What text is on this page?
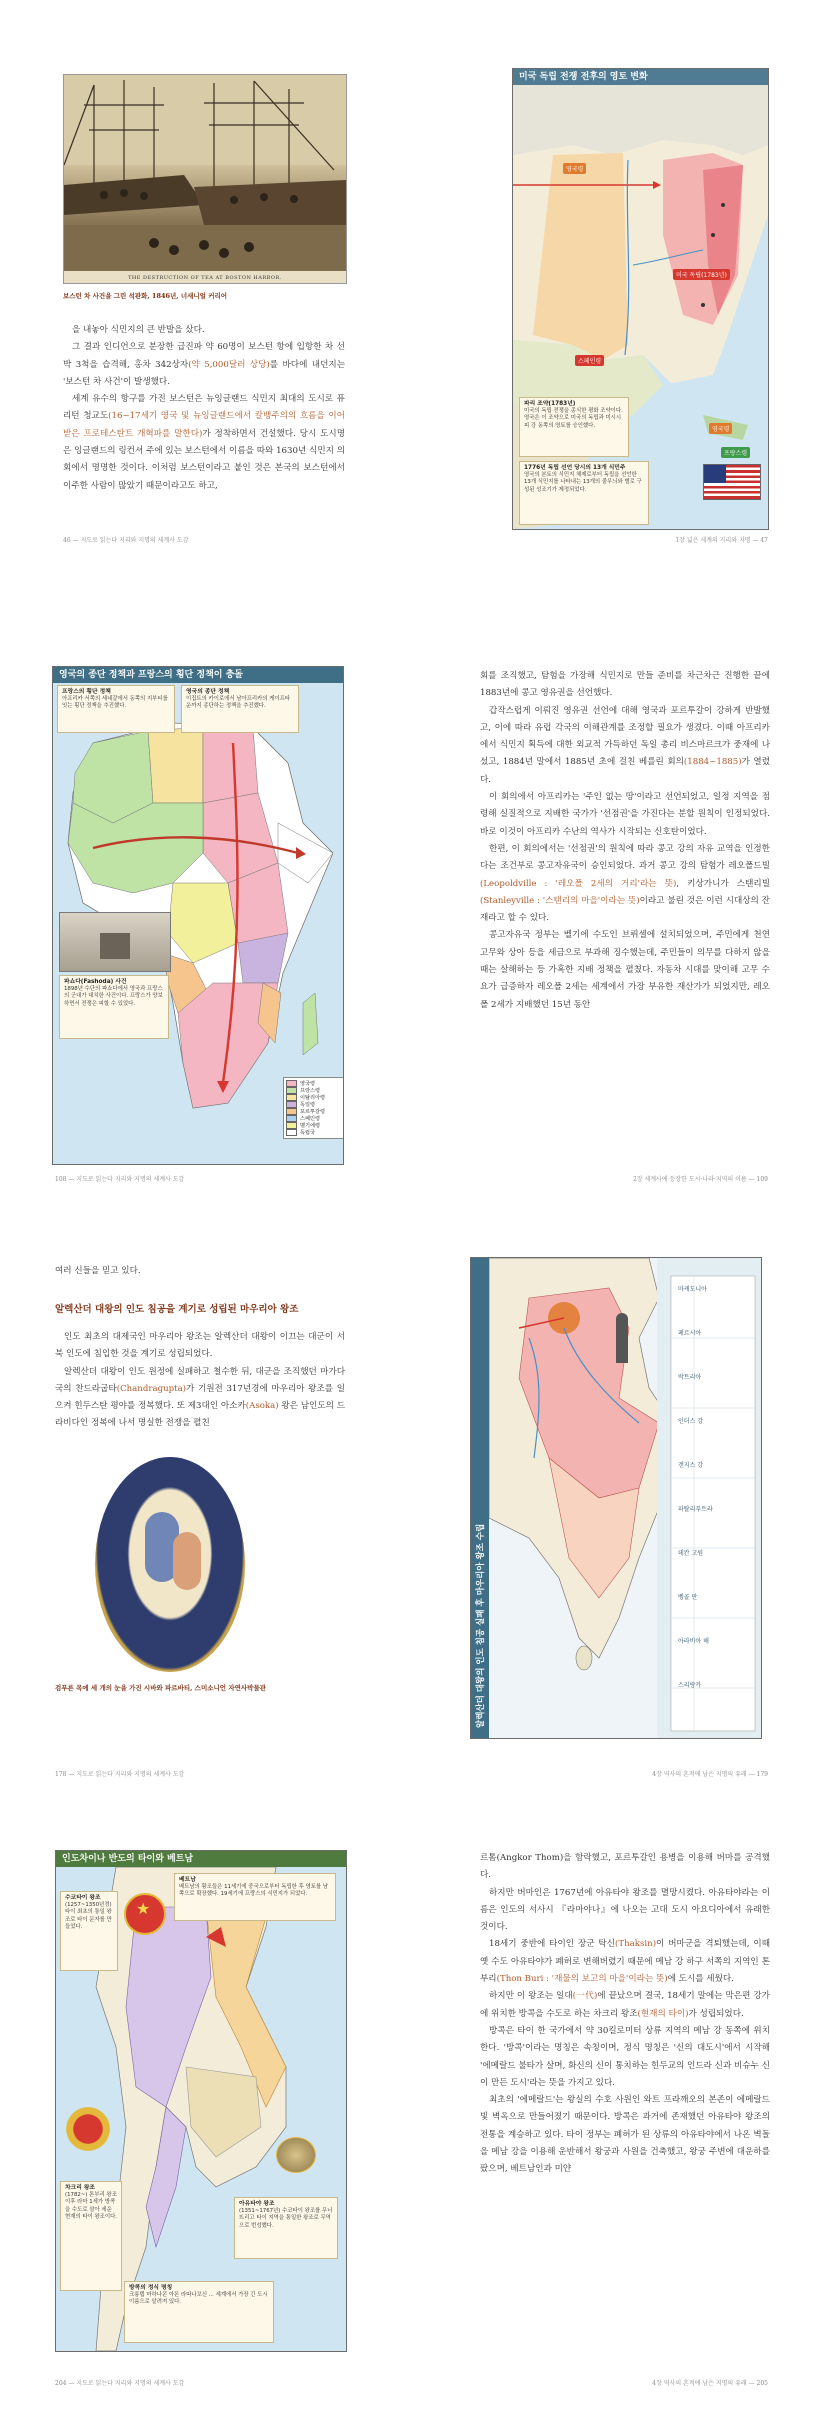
THE DESTRUCTION OF TEA AT BOSTON HARBOR.
보스턴 차 사건을 그린 석판화, 1846년, 너새니얼 커리어

을 내놓아 식민지의 큰 반발을 샀다.

그 결과 인디언으로 분장한 급진파 약 60명이 보스턴 항에 입항한 차 선박 3척을 습격해, 홍차 342상자(약 5,000달러 상당)를 바다에 내던지는 '보스턴 차 사건'이 발생했다.

세계 유수의 항구를 가진 보스턴은 뉴잉글랜드 식민지 최대의 도시로 퓨리턴 청교도(16~17세기 영국 및 뉴잉글랜드에서 칼뱅주의의 흐름을 이어받은 프로테스탄트 개혁파를 말한다)가 정착하면서 건설했다. 당시 도시명은 잉글랜드의 링컨셔 주에 있는 보스턴에서 이름을 따와 1630년 식민지 의회에서 명명한 것이다. 이처럼 보스턴이라고 붙인 것은 본국의 보스턴에서 이주한 사람이 많았기 때문이라고도 하고,

46 — 지도로 읽는다 지리와 지명의 세계사 도감
미국 독립 전쟁 전후의 영토 변화
영국령
미국 독립(1783년)
스페인령
영국령
프랑스령
파리 조약(1783년)
미국의 독립 전쟁을 종식한 평화 조약이다. 영국은 이 조약으로 미국의 독립과 미시시피 강 동쪽의 영토를 승인했다.
1776년 독립 선언 당시의 13개 식민주
영국의 본토의 식민지 체제로부터 독립을 선언한 13개 식민지를 나타내는 13개의 줄무늬와 별로 구성된 성조기가 제정되었다.
1장 넓은 세계의 지리와 지명 — 47
영국의 종단 정책과 프랑스의 횡단 정책이 충돌
프랑스의 횡단 정책
아프리카 서쪽의 세네갈에서 동쪽의 지부티를 잇는 횡단 정책을 추진했다.
영국의 종단 정책
이집트의 카이로에서 남아프리카의 케이프타운까지 종단하는 정책을 추진했다.
파쇼다(Fashoda) 사건
1898년 수단의 파쇼다에서 영국과 프랑스의 군대가 대치한 사건이다. 프랑스가 양보하면서 전쟁은 피할 수 있었다.
영국령
프랑스령
이탈리아령
독일령
포르투갈령
스페인령
벨기에령
독립국
108 — 지도로 읽는다 지리와 지명의 세계사 도감

회를 조직했고, 탐험을 가장해 식민지로 만들 준비를 차근차근 진행한 끝에 1883년에 콩고 영유권을 선언했다.

갑작스럽게 이뤄진 영유권 선언에 대해 영국과 포르투갈이 강하게 반발했고, 이에 따라 유럽 각국의 이해관계를 조정할 필요가 생겼다. 이때 아프리카에서 식민지 획득에 대한 외교적 가득하던 독일 총리 비스마르크가 중재에 나섰고, 1884년 말에서 1885년 초에 걸친 베를린 회의(1884~1885)가 열렸다.

이 회의에서 아프리카는 '주인 없는 땅'이라고 선언되었고, 일정 지역을 점령해 실질적으로 지배한 국가가 '선점권'을 가진다는 분할 원칙이 인정되었다. 바로 이것이 아프리카 수난의 역사가 시작되는 신호탄이었다.

한편, 이 회의에서는 '선점권'의 원칙에 따라 콩고 강의 자유 교역을 인정한다는 조건부로 콩고자유국이 승인되었다. 과거 콩고 강의 탐험가 레오폴드빌(Leopoldville : '레오폴 2세의 거리'라는 뜻), 키상가니가 스탠리빌(Stanleyville : '스탠리의 마을'이라는 뜻)이라고 불린 것은 이런 시대상의 잔재라고 할 수 있다.

콩고자유국 정부는 벨기에 수도인 브뤼셀에 설치되었으며, 주민에게 천연 고무와 상아 등을 세금으로 부과해 징수했는데, 주민들이 의무를 다하지 않을 때는 살해하는 등 가혹한 지배 정책을 펼쳤다. 자동차 시대를 맞이해 고무 수요가 급증하자 레오폴 2세는 세계에서 가장 부유한 재산가가 되었지만, 레오폴 2세가 지배했던 15년 동안

2장 세계사에 등장한 도시·나라·지역의 이름 — 109
여러 신들을 믿고 있다.
알렉산더 대왕의 인도 침공을 계기로 성립된 마우리아 왕조

인도 최초의 대제국인 마우리아 왕조는 알렉산더 대왕이 이끄는 대군이 서북 인도에 침입한 것을 계기로 성립되었다.

알렉산더 대왕이 인도 원정에 실패하고 철수한 뒤, 대군을 조직했던 마가다국의 찬드라굽타(Chandragupta)가 기원전 317년경에 마우리아 왕조를 일으켜 힌두스탄 평야를 정복했다. 또 제3대인 아소카(Asoka) 왕은 남인도의 드라비다인 정복에 나서 명실한 전쟁을 펼친

검푸른 목에 세 개의 눈을 가진 시바와 파르바티, 스미소니언 자연사박물관
178 — 지도로 읽는다 지리와 지명의 세계사 도감
알렉산더 대왕의 인도 침공 실패 후 마우리아 왕조 수립
마케도니아
페르시아
박트리아
인더스 강
갠지스 강
파탈리푸트라
데칸 고원
벵골 만
아라비아 해
스리랑카
4장 역사의 흔적에 남은 지명의 유래 — 179
인도차이나 반도의 타이와 베트남
★
베트남
베트남의 황조들은 11세기에 중국으로부터 독립한 후 영토를 남쪽으로 확장했다. 19세기에 프랑스의 식민지가 되었다.
수코타이 왕조
(1257~1350년경) 타이 최초의 통일 왕조로 타이 문자를 만들었다.
차크리 왕조
(1782~) 톤부리 왕조 이후 라마 1세가 방콕을 수도로 삼아 세운 현재의 타이 왕조이다.
아유타야 왕조
(1351~1767년) 수코타이 왕조를 무너뜨리고 타이 지역을 통일한 왕조로 무역으로 번성했다.
방콕의 정식 명칭
크룽텝 마하나콘 아몬 라따나꼬신 ... 세계에서 가장 긴 도시 이름으로 알려져 있다.
204 — 지도로 읽는다 지리와 지명의 세계사 도감

르톰(Angkor Thom)을 함락했고, 포르투갈인 용병을 이용해 버마를 공격했다.

하지만 버마인은 1767년에 아유타야 왕조를 멸망시켰다. 아유타야라는 이름은 인도의 서사시 『라마야나』에 나오는 고대 도시 아요디아에서 유래한 것이다.

18세기 중반에 타이인 장군 탁신(Thaksin)이 버마군을 격퇴했는데, 이때 옛 수도 아유타야가 폐허로 변해버렸기 때문에 메남 강 하구 서쪽의 지역인 톤부리(Thon Buri : '재물의 보고의 마을'이라는 뜻)에 도시를 세웠다.

하지만 이 왕조는 일대(一代)에 끝났으며 결국, 18세기 말에는 막은편 강가에 위치한 방콕을 수도로 하는 차크리 왕조(현재의 타이)가 성립되었다.

방콕은 타이 한 국가에서 약 30킬로미터 상류 지역의 메남 강 동쪽에 위치한다. '방콕'이라는 명칭은 속칭이며, 정식 명칭은 '신의 대도시'에서 시작해 '에메랄드 불타가 살며, 화신의 신이 통치하는 힌두교의 인드라 신과 비슈누 신이 만든 도시'라는 뜻을 가지고 있다.

최초의 '에메랄드'는 왕실의 수호 사원인 와트 프라깨오의 본존이 에메랄드빛 벽옥으로 만들어졌기 때문이다. 방콕은 과거에 존재했던 아유타야 왕조의 전통을 계승하고 있다. 타이 정부는 폐허가 된 상류의 아유타야에서 나온 벽돌을 메남 강을 이용해 운반해서 왕궁과 사원을 건축했고, 왕궁 주변에 대운하를 팠으며, 베트남인과 미얀

4장 역사의 흔적에 남은 지명의 유래 — 205
